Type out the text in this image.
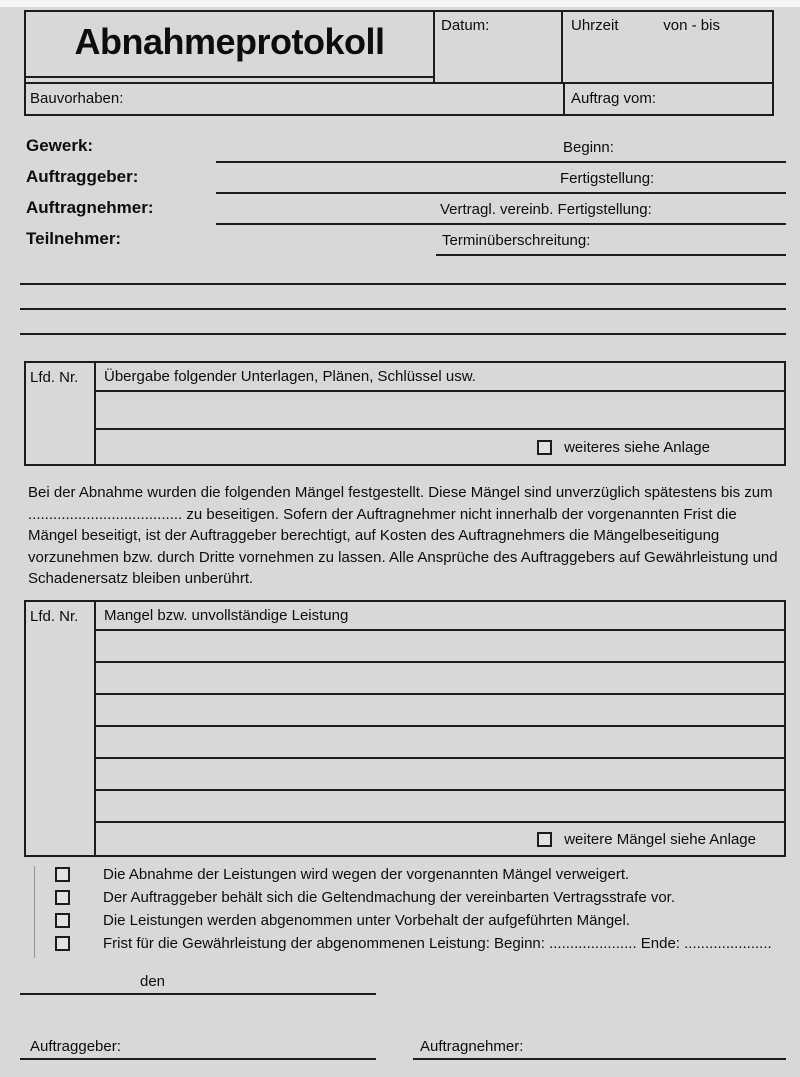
Abnahmeprotokoll	Datum:	Uhrzeit	von - bis
Bauvorhaben:	Auftrag vom:
Gewerk:	Beginn:
Auftraggeber:	Fertigstellung:
Auftragnehmer:	Vertragl. vereinb. Fertigstellung:
Teilnehmer:	Terminüberschreitung:
Lfd. Nr.	Übergabe folgender Unterlagen, Plänen, Schlüssel usw.
weiteres siehe Anlage
Bei der Abnahme wurden die folgenden Mängel festgestellt. Diese Mängel sind unverzüglich spätestens bis zum ..................................... zu beseitigen. Sofern der Auftragnehmer nicht innerhalb der vorgenannten Frist die Mängel beseitigt, ist der Auftraggeber berechtigt, auf Kosten des Auftragnehmers die Mängelbeseitigung vorzunehmen bzw. durch Dritte vornehmen zu lassen. Alle Ansprüche des Auftraggebers auf Gewährleistung und Schadenersatz bleiben unberührt.
Lfd. Nr.	Mangel bzw. unvollständige Leistung
weitere Mängel siehe Anlage
Die Abnahme der Leistungen wird wegen der vorgenannten Mängel verweigert.
Der Auftraggeber behält sich die Geltendmachung der vereinbarten Vertragsstrafe vor.
Die Leistungen werden abgenommen unter Vorbehalt der aufgeführten Mängel.
Frist für die Gewährleistung der abgenommenen Leistung: Beginn: ..................... Ende: .....................
den
Auftraggeber:	Auftragnehmer:
